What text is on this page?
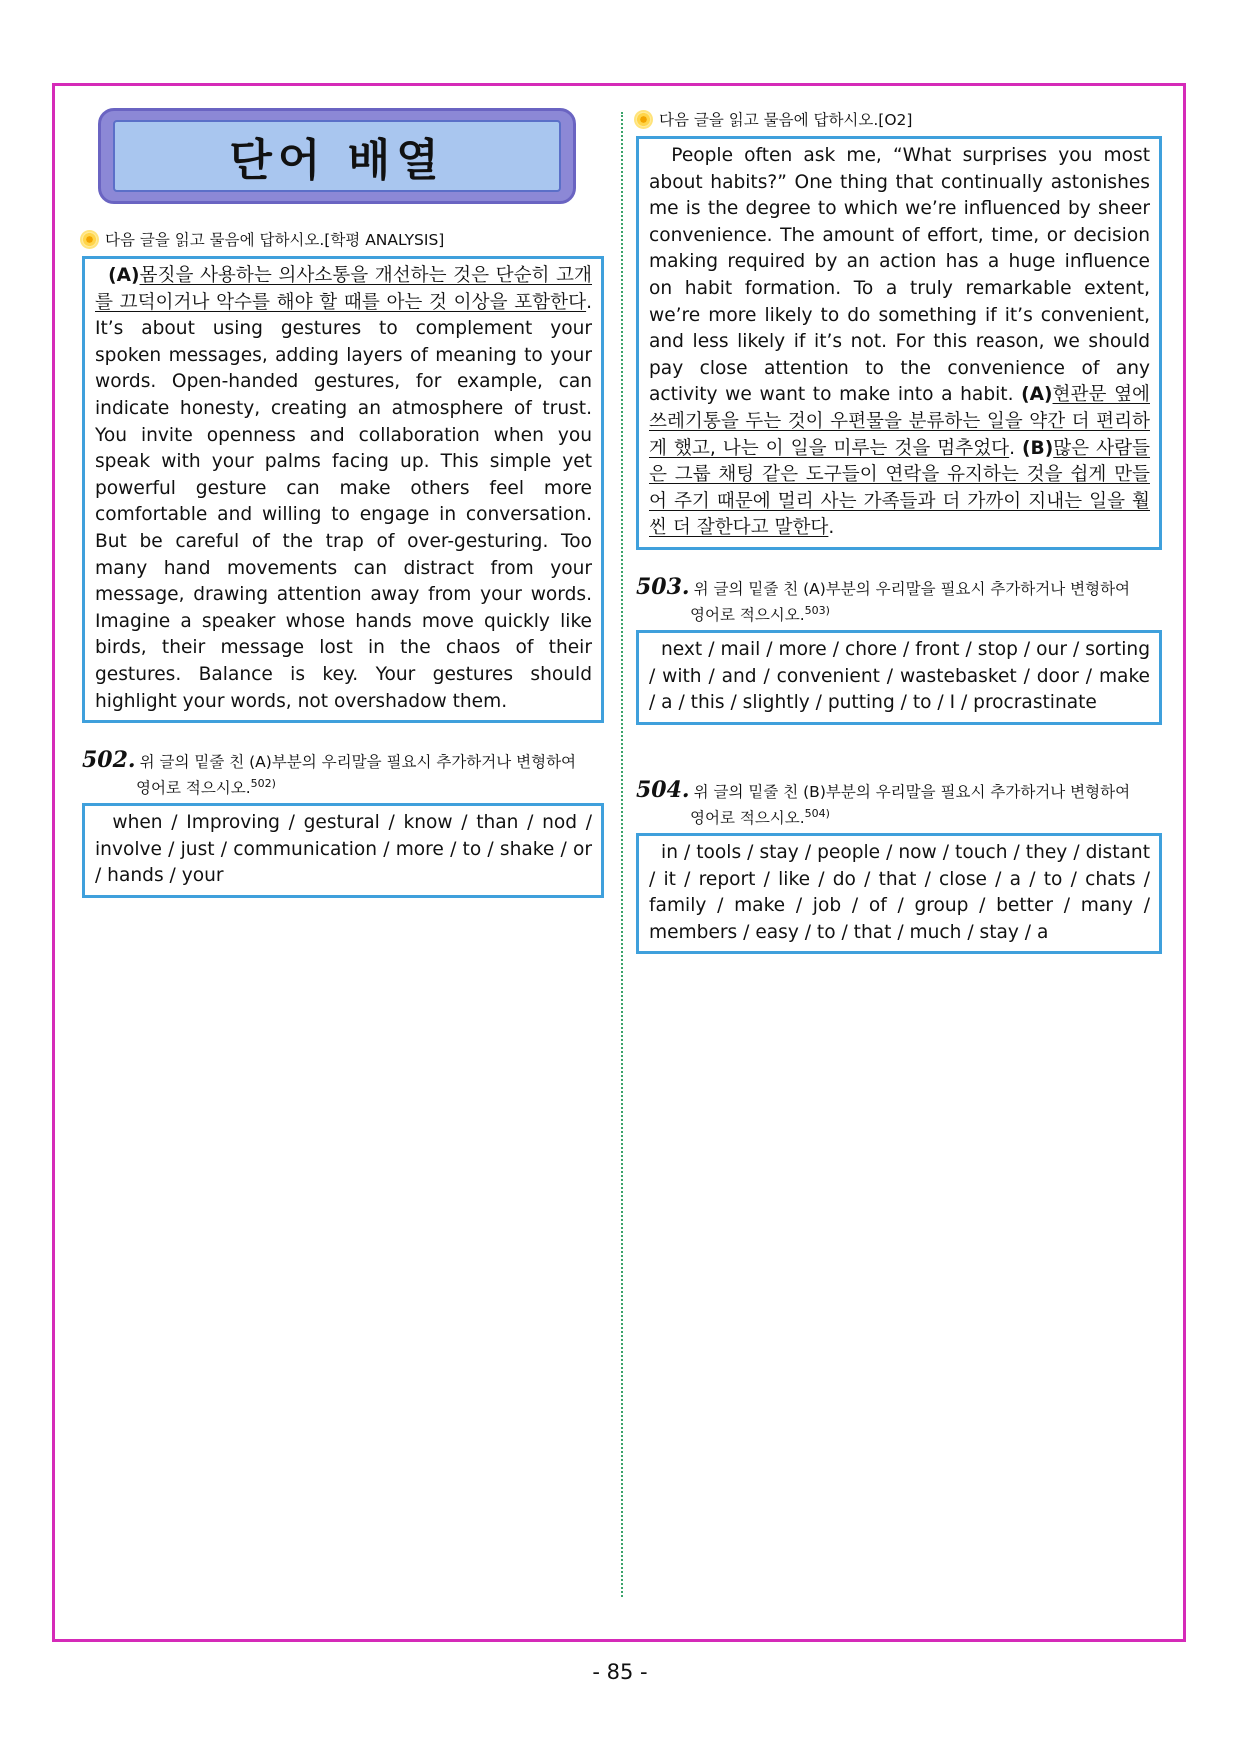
단어 배열
다음 글을 읽고 물음에 답하시오.[학평 ANALYSIS]
(A)몸짓을 사용하는 의사소통을 개선하는 것은 단순히 고개를 끄덕이거나 악수를 해야 할 때를 아는 것 이상을 포함한다. It’s about using gestures to complement your spoken messages, adding layers of meaning to your words. Open-handed gestures, for example, can indicate honesty, creating an atmosphere of trust. You invite openness and collaboration when you speak with your palms facing up. This simple yet powerful gesture can make others feel more comfortable and willing to engage in conversation. But be careful of the trap of over-gesturing. Too many hand movements can distract from your message, drawing attention away from your words. Imagine a speaker whose hands move quickly like birds, their message lost in the chaos of their gestures. Balance is key. Your gestures should highlight your words, not overshadow them.
502. 위 글의 밑줄 친 (A)부분의 우리말을 필요시 추가하거나 변형하여
영어로 적으시오.$^{502)}$
when / Improving / gestural / know / than / nod / involve / just / communication / more / to / shake / or / hands / your
다음 글을 읽고 물음에 답하시오.[O2]
People often ask me, “What surprises you most about habits?” One thing that continually astonishes me is the degree to which we’re influenced by sheer convenience. The amount of effort, time, or decision making required by an action has a huge influence on habit formation. To a truly remarkable extent, we’re more likely to do something if it’s convenient, and less likely if it’s not. For this reason, we should pay close attention to the convenience of any activity we want to make into a habit. (A)현관문 옆에 쓰레기통을 두는 것이 우편물을 분류하는 일을 약간 더 편리하게 했고, 나는 이 일을 미루는 것을 멈추었다. (B)많은 사람들은 그룹 채팅 같은 도구들이 연락을 유지하는 것을 쉽게 만들어 주기 때문에 멀리 사는 가족들과 더 가까이 지내는 일을 훨씬 더 잘한다고 말한다.
503. 위 글의 밑줄 친 (A)부분의 우리말을 필요시 추가하거나 변형하여
영어로 적으시오.$^{503)}$
next / mail / more / chore / front / stop / our / sorting / with / and / convenient / wastebasket / door / make / a / this / slightly / putting / to / I / procrastinate
504. 위 글의 밑줄 친 (B)부분의 우리말을 필요시 추가하거나 변형하여
영어로 적으시오.$^{504)}$
in / tools / stay / people / now / touch / they / distant / it / report / like / do / that / close / a / to / chats / family / make / job / of / group / better / many / members / easy / to / that / much / stay / a
- 85 -
